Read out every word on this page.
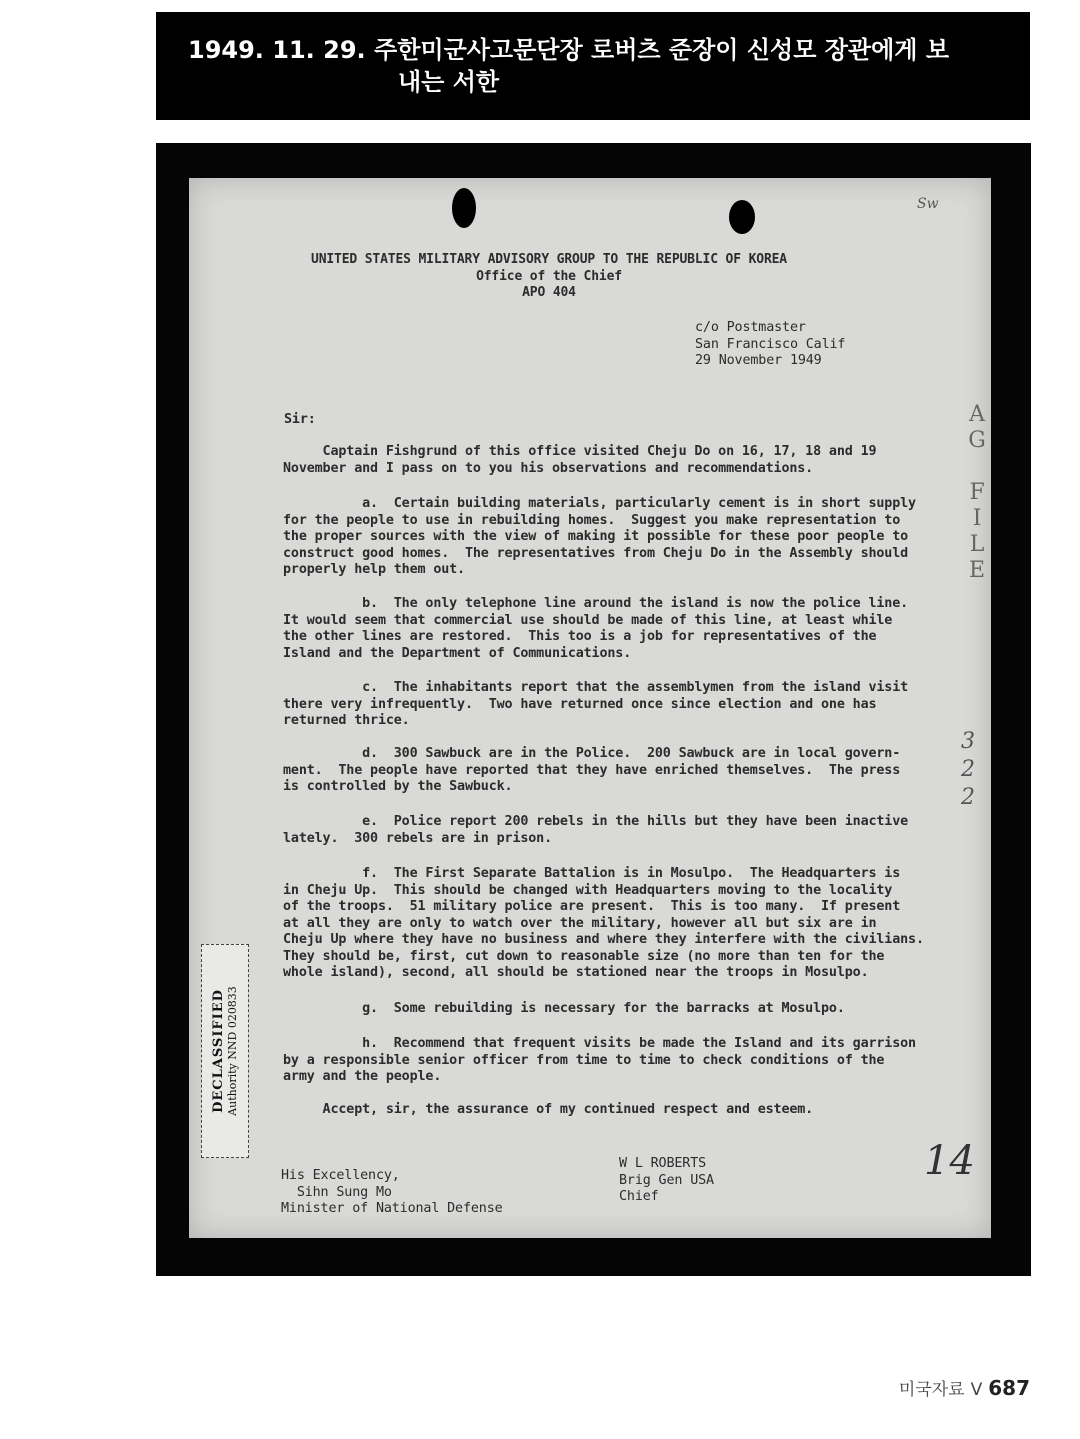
1949. 11. 29. 주한미군사고문단장 로버츠 준장이 신성모 장관에게 보
내는 서한
Sw
UNITED STATES MILITARY ADVISORY GROUP TO THE REPUBLIC OF KOREA
Office of the Chief
APO 404
c/o Postmaster
San Francisco Calif
29 November 1949
Sir:
Captain Fishgrund of this office visited Cheju Do on 16, 17, 18 and 19
November and I pass on to you his observations and recommendations.
a.  Certain building materials, particularly cement is in short supply
for the people to use in rebuilding homes.  Suggest you make representation to
the proper sources with the view of making it possible for these poor people to
construct good homes.  The representatives from Cheju Do in the Assembly should
properly help them out.
b.  The only telephone line around the island is now the police line.
It would seem that commercial use should be made of this line, at least while
the other lines are restored.  This too is a job for representatives of the
Island and the Department of Communications.
c.  The inhabitants report that the assemblymen from the island visit
there very infrequently.  Two have returned once since election and one has
returned thrice.
d.  300 Sawbuck are in the Police.  200 Sawbuck are in local govern-
ment.  The people have reported that they have enriched themselves.  The press
is controlled by the Sawbuck.
e.  Police report 200 rebels in the hills but they have been inactive
lately.  300 rebels are in prison.
f.  The First Separate Battalion is in Mosulpo.  The Headquarters is
in Cheju Up.  This should be changed with Headquarters moving to the locality
of the troops.  51 military police are present.  This is too many.  If present
at all they are only to watch over the military, however all but six are in
Cheju Up where they have no business and where they interfere with the civilians.
They should be, first, cut down to reasonable size (no more than ten for the
whole island), second, all should be stationed near the troops in Mosulpo.
g.  Some rebuilding is necessary for the barracks at Mosulpo.
h.  Recommend that frequent visits be made the Island and its garrison
by a responsible senior officer from time to time to check conditions of the
army and the people.
Accept, sir, the assurance of my continued respect and esteem.
His Excellency,
Sihn Sung Mo
Minister of National Defense
W L ROBERTS
Brig Gen USA
Chief
DECLASSIFIED Authority NND 020833
A
G

F
I
L
E
3
2
2
14
미국자료 V 687
